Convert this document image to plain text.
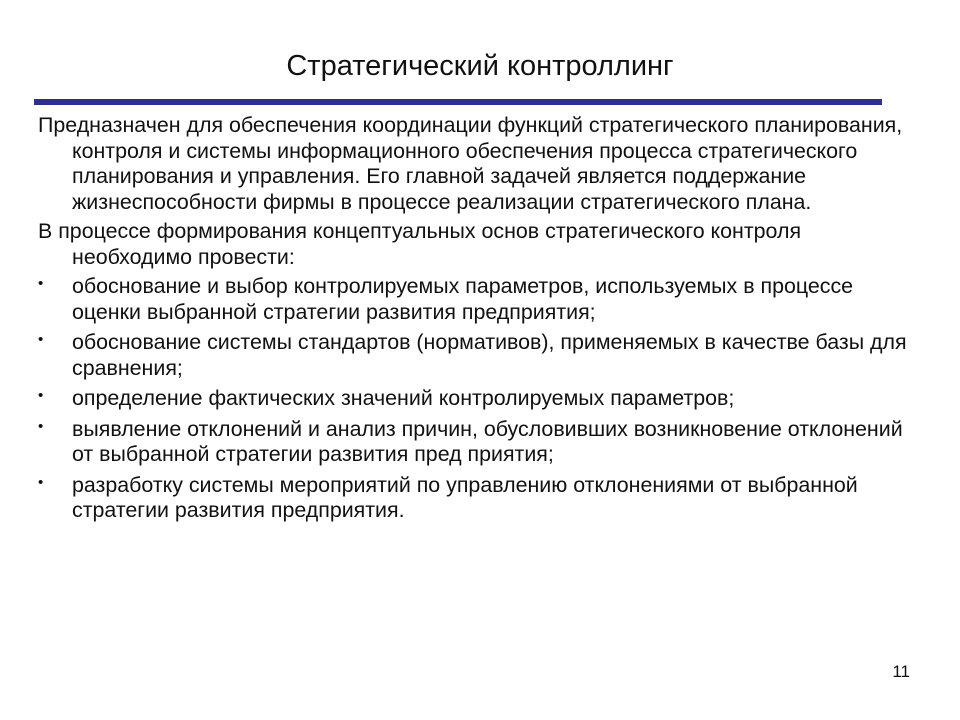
Стратегический контроллинг

Предназначен для обеспечения координации функций стратегического планирования, контроля и системы информационного обеспечения процесса стратегического планирования и управления. Его главной задачей является поддержание жизнеспособности фирмы в процессе реализации стратегического плана.

В процессе формирования концептуальных основ стратегического контроля необходимо провести:

• обоснование и выбор контролируемых параметров, используемых в процессе оценки выбранной стратегии развития предприятия;
• обоснование системы стандартов (нормативов), применяемых в качестве базы для сравнения;
• определение фактических значений контролируемых параметров;
• выявление отклонений и анализ причин, обусловивших возникновение отклонений от выбранной стратегии развития пред приятия;
• разработку системы мероприятий по управлению отклонениями от выбранной стратегии развития предприятия.
11
